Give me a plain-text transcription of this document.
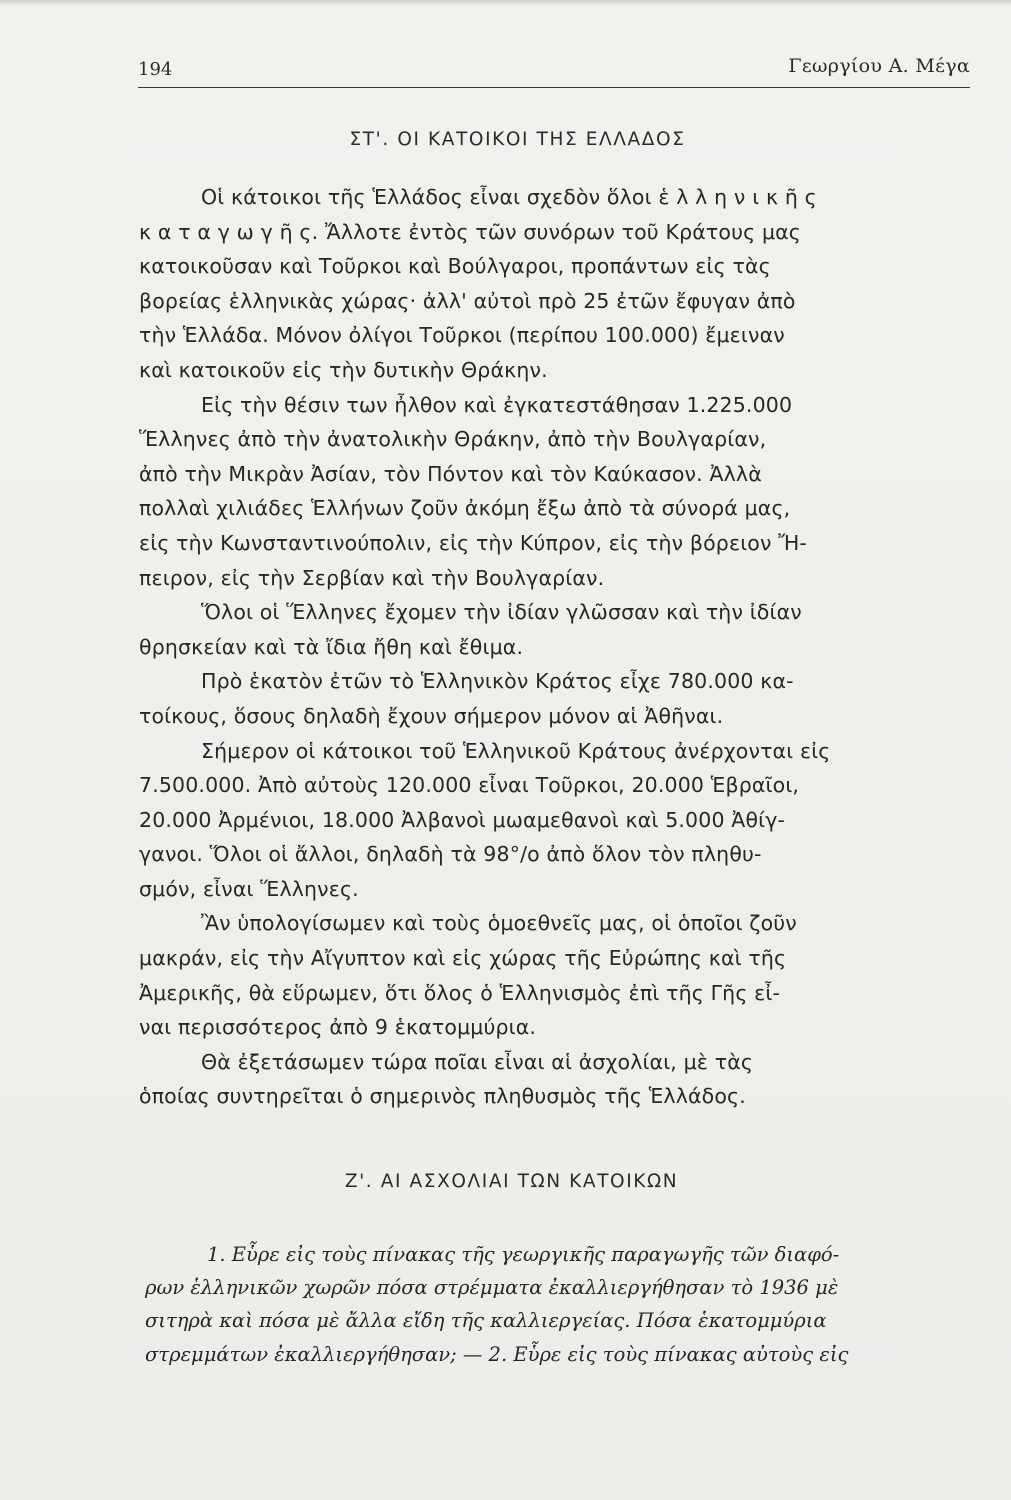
194	Γεωργίου Α. Μέγα
ΣΤ'. ΟΙ ΚΑΤΟΙΚΟΙ ΤΗΣ ΕΛΛΑΔΟΣ
Οἱ κάτοικοι τῆς Ἑλλάδος εἶναι σχεδὸν ὅλοι ἑ λ λ η ν ι κ ῆ ς
κ α τ α γ ω γ ῆ ς. Ἄλλοτε ἐντὸς τῶν συνόρων τοῦ Κράτους μας
κατοικοῦσαν καὶ Τοῦρκοι καὶ Βούλγαροι, προπάντων εἰς τὰς
βορείας ἑλληνικὰς χώρας· ἀλλ' αὐτοὶ πρὸ 25 ἐτῶν ἔφυγαν ἀπὸ
τὴν Ἑλλάδα. Μόνον ὀλίγοι Τοῦρκοι (περίπου 100.000) ἔμειναν
καὶ κατοικοῦν εἰς τὴν δυτικὴν Θράκην.
Εἰς τὴν θέσιν των ἦλθον καὶ ἐγκατεστάθησαν 1.225.000
Ἕλληνες ἀπὸ τὴν ἀνατολικὴν Θράκην, ἀπὸ τὴν Βουλγαρίαν,
ἀπὸ τὴν Μικρὰν Ἀσίαν, τὸν Πόντον καὶ τὸν Καύκασον. Ἀλλὰ
πολλαὶ χιλιάδες Ἑλλήνων ζοῦν ἀκόμη ἔξω ἀπὸ τὰ σύνορά μας,
εἰς τὴν Κωνσταντινούπολιν, εἰς τὴν Κύπρον, εἰς τὴν βόρειον Ἤ-
πειρον, εἰς τὴν Σερβίαν καὶ τὴν Βουλγαρίαν.
Ὅλοι οἱ Ἕλληνες ἔχομεν τὴν ἰδίαν γλῶσσαν καὶ τὴν ἰδίαν
θρησκείαν καὶ τὰ ἴδια ἤθη καὶ ἔθιμα.
Πρὸ ἑκατὸν ἐτῶν τὸ Ἑλληνικὸν Κράτος εἶχε 780.000 κα-
τοίκους, ὅσους δηλαδὴ ἔχουν σήμερον μόνον αἱ Ἀθῆναι.
Σήμερον οἱ κάτοικοι τοῦ Ἑλληνικοῦ Κράτους ἀνέρχονται εἰς
7.500.000. Ἀπὸ αὐτοὺς 120.000 εἶναι Τοῦρκοι, 20.000 Ἑβραῖοι,
20.000 Ἀρμένιοι, 18.000 Ἀλβανοὶ μωαμεθανοὶ καὶ 5.000 Ἀθίγ-
γανοι. Ὅλοι οἱ ἄλλοι, δηλαδὴ τὰ 98°/ο ἀπὸ ὅλον τὸν πληθυ-
σμόν, εἶναι Ἕλληνες.
Ἂν ὑπολογίσωμεν καὶ τοὺς ὁμοεθνεῖς μας, οἱ ὁποῖοι ζοῦν
μακράν, εἰς τὴν Αἴγυπτον καὶ εἰς χώρας τῆς Εὐρώπης καὶ τῆς
Ἀμερικῆς, θὰ εὕρωμεν, ὅτι ὅλος ὁ Ἑλληνισμὸς ἐπὶ τῆς Γῆς εἶ-
ναι περισσότερος ἀπὸ 9 ἑκατομμύρια.
Θὰ ἐξετάσωμεν τώρα ποῖαι εἶναι αἱ ἀσχολίαι, μὲ τὰς
ὁποίας συντηρεῖται ὁ σημερινὸς πληθυσμὸς τῆς Ἑλλάδος.
Ζ'. ΑΙ ΑΣΧΟΛΙΑΙ ΤΩΝ ΚΑΤΟΙΚΩΝ
1. Εὗρε εἰς τοὺς πίνακας τῆς γεωργικῆς παραγωγῆς τῶν διαφό-
ρων ἑλληνικῶν χωρῶν πόσα στρέμματα ἐκαλλιεργήθησαν τὸ 1936 μὲ
σιτηρὰ καὶ πόσα μὲ ἄλλα εἴδη τῆς καλλιεργείας. Πόσα ἑκατομμύρια
στρεμμάτων ἐκαλλιεργήθησαν; — 2. Εὗρε εἰς τοὺς πίνακας αὐτοὺς εἰς
